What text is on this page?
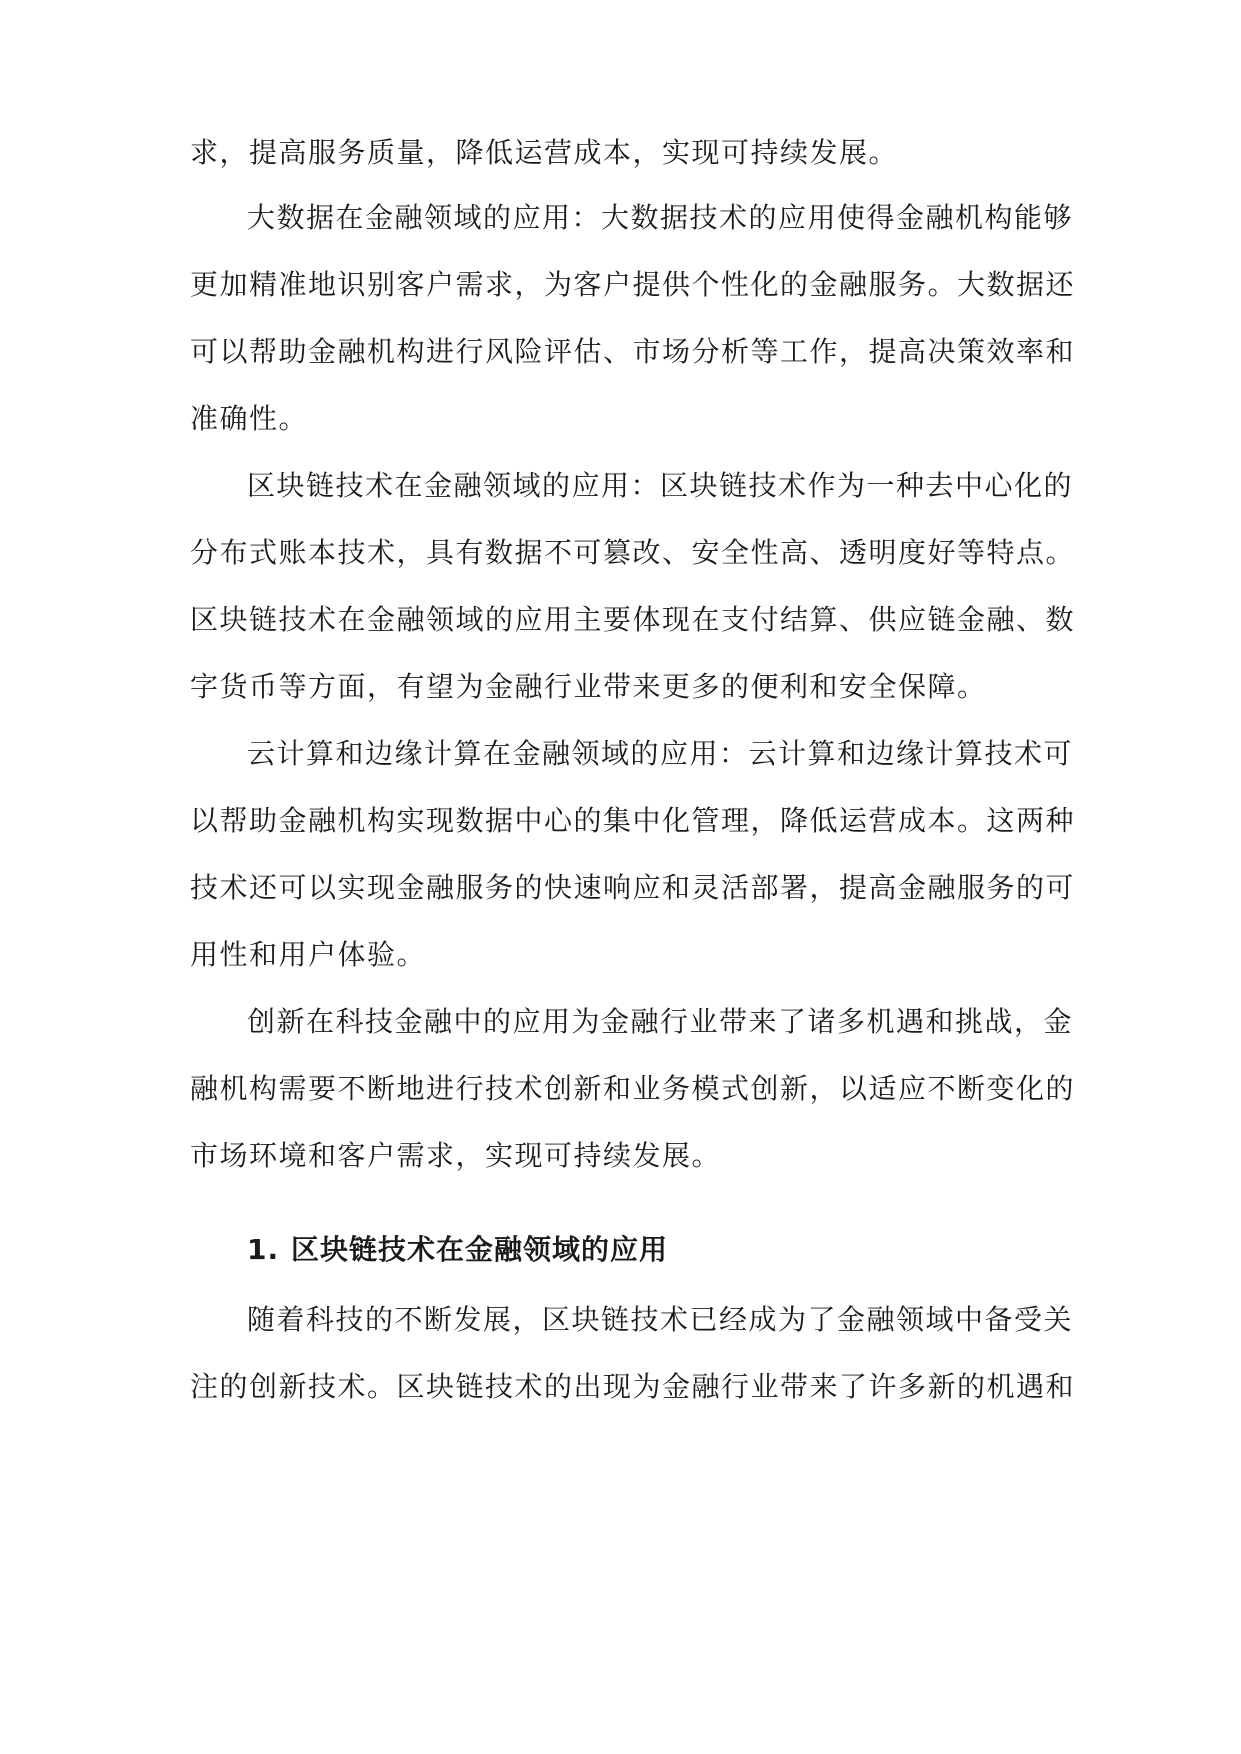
求，提高服务质量，降低运营成本，实现可持续发展。
大数据在金融领域的应用：大数据技术的应用使得金融机构能够
更加精准地识别客户需求，为客户提供个性化的金融服务。大数据还
可以帮助金融机构进行风险评估、市场分析等工作，提高决策效率和
准确性。
区块链技术在金融领域的应用：区块链技术作为一种去中心化的
分布式账本技术，具有数据不可篡改、安全性高、透明度好等特点。
区块链技术在金融领域的应用主要体现在支付结算、供应链金融、数
字货币等方面，有望为金融行业带来更多的便利和安全保障。
云计算和边缘计算在金融领域的应用：云计算和边缘计算技术可
以帮助金融机构实现数据中心的集中化管理，降低运营成本。这两种
技术还可以实现金融服务的快速响应和灵活部署，提高金融服务的可
用性和用户体验。
创新在科技金融中的应用为金融行业带来了诸多机遇和挑战，金
融机构需要不断地进行技术创新和业务模式创新，以适应不断变化的
市场环境和客户需求，实现可持续发展。
1. 区块链技术在金融领域的应用
随着科技的不断发展，区块链技术已经成为了金融领域中备受关
注的创新技术。区块链技术的出现为金融行业带来了许多新的机遇和
